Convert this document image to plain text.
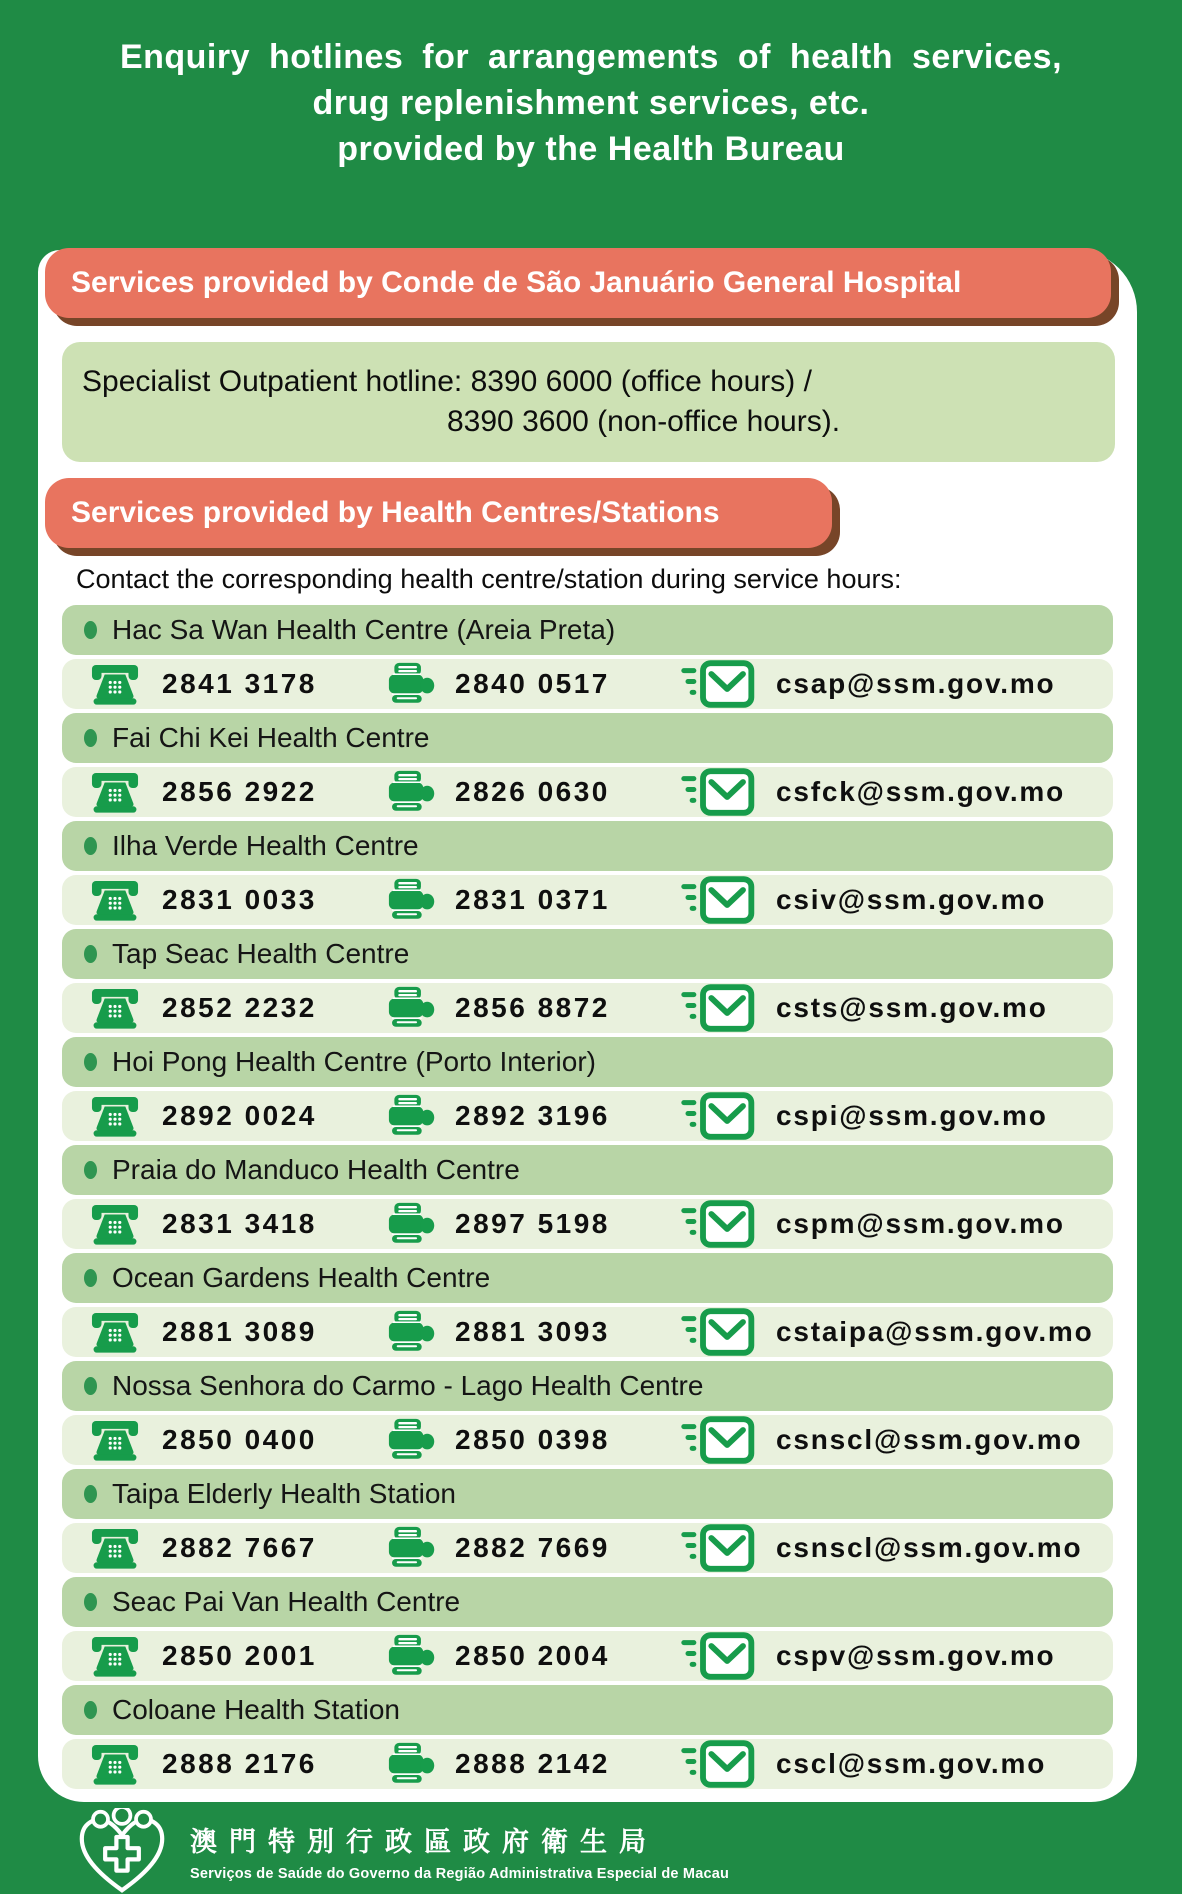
Enquiry hotlines for arrangements of health services,
drug replenishment services, etc.
provided by the Health Bureau
Services provided by Conde de São Januário General Hospital
Specialist Outpatient hotline: 8390 6000 (office hours) /
8390 3600 (non-office hours).
Services provided by Health Centres/Stations
Contact the corresponding health centre/station during service hours:
Hac Sa Wan Health Centre (Areia Preta)
2841 3178	2840 0517	csap@ssm.gov.mo
Fai Chi Kei Health Centre
2856 2922	2826 0630	csfck@ssm.gov.mo
Ilha Verde Health Centre
2831 0033	2831 0371	csiv@ssm.gov.mo
Tap Seac Health Centre
2852 2232	2856 8872	csts@ssm.gov.mo
Hoi Pong Health Centre (Porto Interior)
2892 0024	2892 3196	cspi@ssm.gov.mo
Praia do Manduco Health Centre
2831 3418	2897 5198	cspm@ssm.gov.mo
Ocean Gardens Health Centre
2881 3089	2881 3093	cstaipa@ssm.gov.mo
Nossa Senhora do Carmo - Lago Health Centre
2850 0400	2850 0398	csnscl@ssm.gov.mo
Taipa Elderly Health Station
2882 7667	2882 7669	csnscl@ssm.gov.mo
Seac Pai Van Health Centre
2850 2001	2850 2004	cspv@ssm.gov.mo
Coloane Health Station
2888 2176	2888 2142	cscl@ssm.gov.mo
澳門特別行政區政府衛生局
Serviços de Saúde do Governo da Região Administrativa Especial de Macau
